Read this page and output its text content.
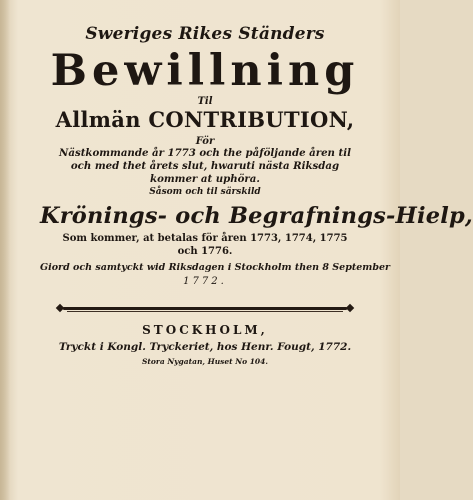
Sweriges Rikes Ständers
Bewillning
Til
Allmän CONTRIBUTION,
För
Nästkommande år 1773 och the påföljande åren til
och med thet årets slut, hwaruti nästa Riksdag
kommer at uphöra.
Såsom och til särskild
Krönings- och Begrafnings-Hielp,
Som kommer, at betalas för åren 1773, 1774, 1775
och 1776.
Giord och samtyckt wid Riksdagen i Stockholm then 8 September
1772.
STOCKHOLM,
Tryckt i Kongl. Tryckeriet, hos Henr. Fougt, 1772.
Stora Nygatan, Huset No 104.
